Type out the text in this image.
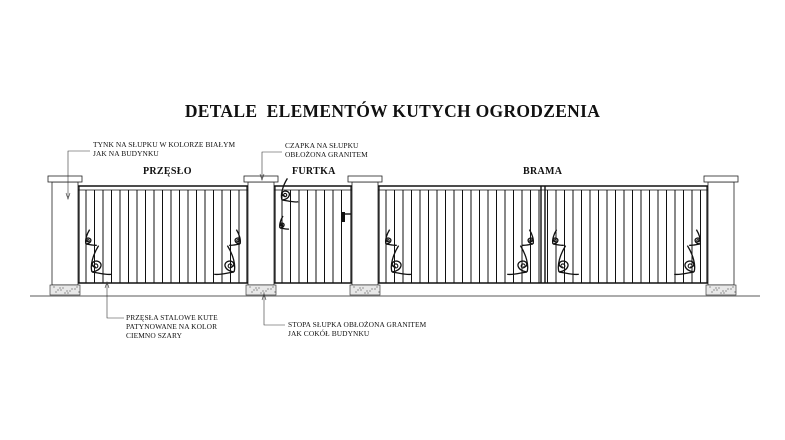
DETALE  ELEMENTÓW KUTYCH OGRODZENIA
PRZĘSŁO	FURTKA	BRAMA
TYNK NA SŁUPKU W KOLORZE BIAŁYM
JAK NA BUDYNKU
CZAPKA NA SŁUPKU
OBŁOŻONA GRANITEM
PRZĘSŁA STALOWE KUTE
PATYNOWANE NA KOLOR
CIEMNO SZARY
STOPA SŁUPKA OBŁOŻONA GRANITEM
JAK COKÓŁ BUDYNKU
